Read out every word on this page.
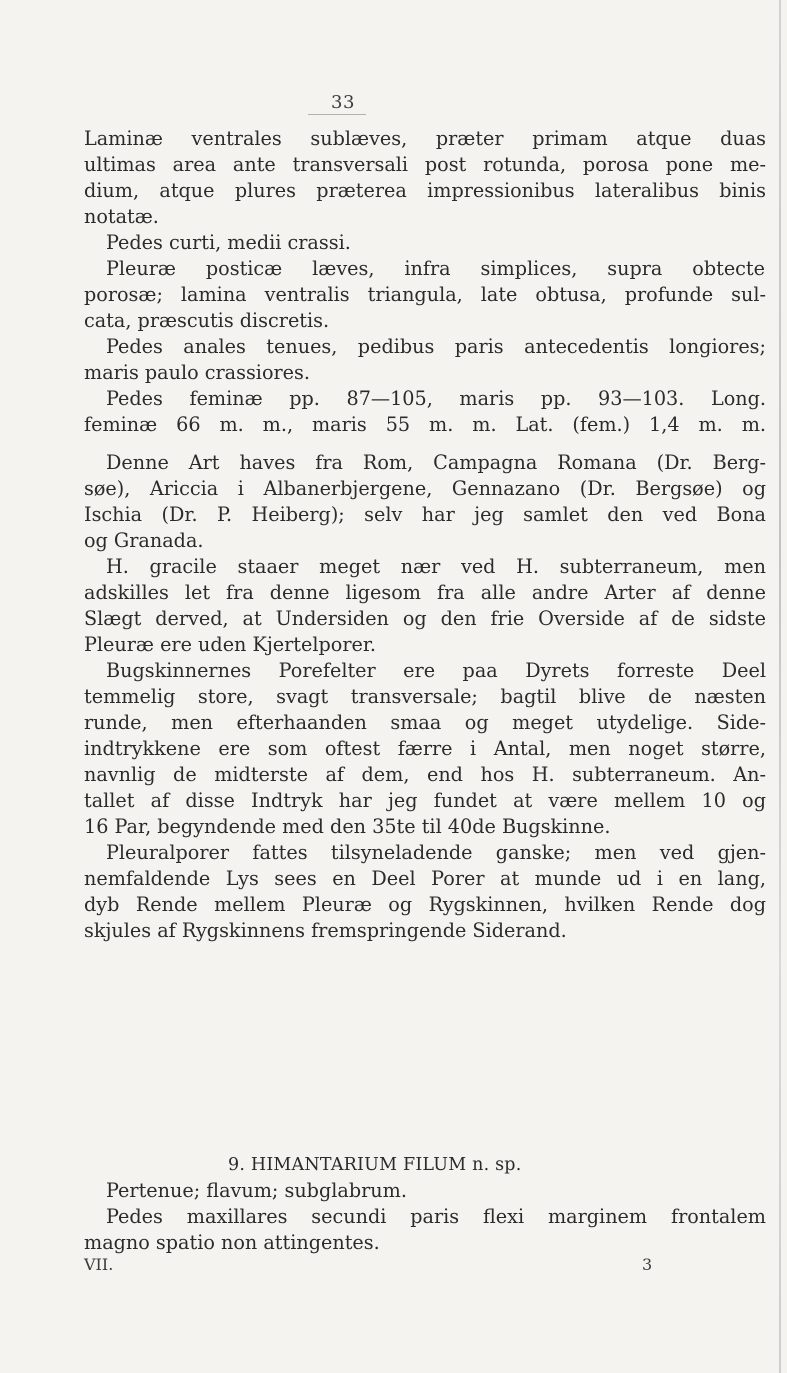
33
Laminæ ventrales sublæves, præter primam atque duas
ultimas area ante transversali post rotunda, porosa pone me-
dium, atque plures præterea impressionibus lateralibus binis
notatæ.
Pedes curti, medii crassi.
Pleuræ posticæ læves, infra simplices, supra obtecte
porosæ; lamina ventralis triangula, late obtusa, profunde sul-
cata, præscutis discretis.
Pedes anales tenues, pedibus paris antecedentis longiores;
maris paulo crassiores.
Pedes feminæ pp. 87—105, maris pp. 93—103. Long.
feminæ 66 m. m., maris 55 m. m. Lat. (fem.) 1,4 m. m.
Denne Art haves fra Rom, Campagna Romana (Dr. Berg-
søe), Ariccia i Albanerbjergene, Gennazano (Dr. Bergsøe) og
Ischia (Dr. P. Heiberg); selv har jeg samlet den ved Bona
og Granada.
H. gracile staaer meget nær ved H. subterraneum, men
adskilles let fra denne ligesom fra alle andre Arter af denne
Slægt derved, at Undersiden og den frie Overside af de sidste
Pleuræ ere uden Kjertelporer.
Bugskinnernes Porefelter ere paa Dyrets forreste Deel
temmelig store, svagt transversale; bagtil blive de næsten
runde, men efterhaanden smaa og meget utydelige. Side-
indtrykkene ere som oftest færre i Antal, men noget større,
navnlig de midterste af dem, end hos H. subterraneum. An-
tallet af disse Indtryk har jeg fundet at være mellem 10 og
16 Par, begyndende med den 35te til 40de Bugskinne.
Pleuralporer fattes tilsyneladende ganske; men ved gjen-
nemfaldende Lys sees en Deel Porer at munde ud i en lang,
dyb Rende mellem Pleuræ og Rygskinnen, hvilken Rende dog
skjules af Rygskinnens fremspringende Siderand.
9. HIMANTARIUM FILUM n. sp.
Pertenue; flavum; subglabrum.
Pedes maxillares secundi paris flexi marginem frontalem
magno spatio non attingentes.
VII.	3
